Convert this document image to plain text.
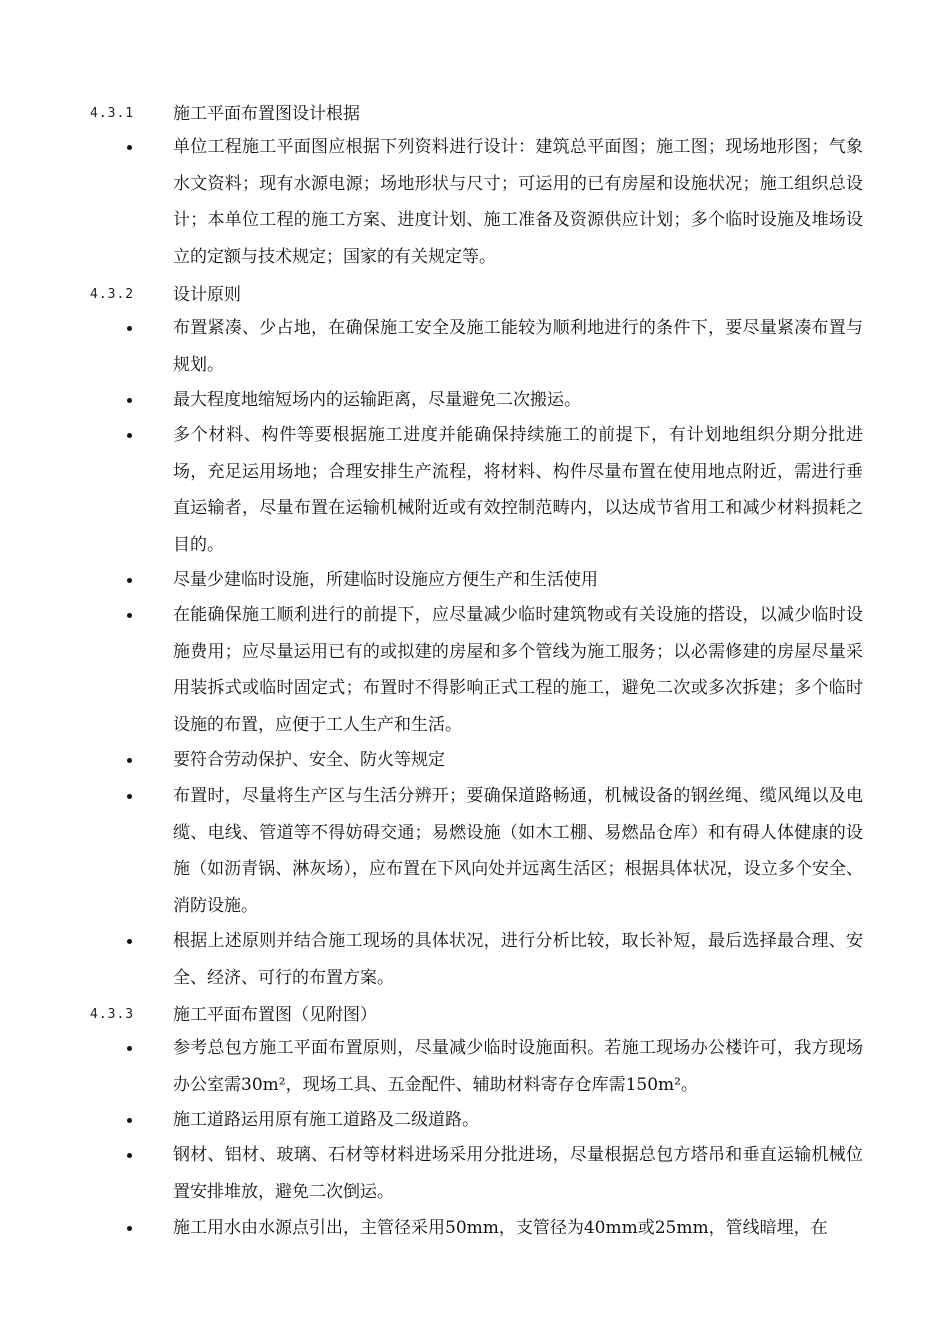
4.3.1 施工平面布置图设计根据

单位工程施工平面图应根据下列资料进行设计：建筑总平面图；施工图；现场地形图；气象水文资料；现有水源电源；场地形状与尺寸；可运用的已有房屋和设施状况；施工组织总设计；本单位工程的施工方案、进度计划、施工准备及资源供应计划；多个临时设施及堆场设立的定额与技术规定；国家的有关规定等。

4.3.2 设计原则

布置紧凑、少占地，在确保施工安全及施工能较为顺利地进行的条件下，要尽量紧凑布置与规划。

最大程度地缩短场内的运输距离，尽量避免二次搬运。

多个材料、构件等要根据施工进度并能确保持续施工的前提下，有计划地组织分期分批进场，充足运用场地；合理安排生产流程，将材料、构件尽量布置在使用地点附近，需进行垂直运输者，尽量布置在运输机械附近或有效控制范畴内，以达成节省用工和减少材料损耗之目的。

尽量少建临时设施，所建临时设施应方便生产和生活使用

在能确保施工顺利进行的前提下，应尽量减少临时建筑物或有关设施的搭设，以减少临时设施费用；应尽量运用已有的或拟建的房屋和多个管线为施工服务；以必需修建的房屋尽量采用装拆式或临时固定式；布置时不得影响正式工程的施工，避免二次或多次拆建；多个临时设施的布置，应便于工人生产和生活。

要符合劳动保护、安全、防火等规定

布置时，尽量将生产区与生活分辨开；要确保道路畅通，机械设备的钢丝绳、缆风绳以及电缆、电线、管道等不得妨碍交通；易燃设施（如木工棚、易燃品仓库）和有碍人体健康的设施（如沥青锅、淋灰场），应布置在下风向处并远离生活区；根据具体状况，设立多个安全、消防设施。

根据上述原则并结合施工现场的具体状况，进行分析比较，取长补短，最后选择最合理、安全、经济、可行的布置方案。

4.3.3 施工平面布置图（见附图）

参考总包方施工平面布置原则，尽量减少临时设施面积。若施工现场办公楼许可，我方现场办公室需30m²，现场工具、五金配件、辅助材料寄存仓库需150m²。

施工道路运用原有施工道路及二级道路。

钢材、铝材、玻璃、石材等材料进场采用分批进场，尽量根据总包方塔吊和垂直运输机械位置安排堆放，避免二次倒运。

施工用水由水源点引出，主管径采用50mm，支管径为40mm或25mm，管线暗埋，在
